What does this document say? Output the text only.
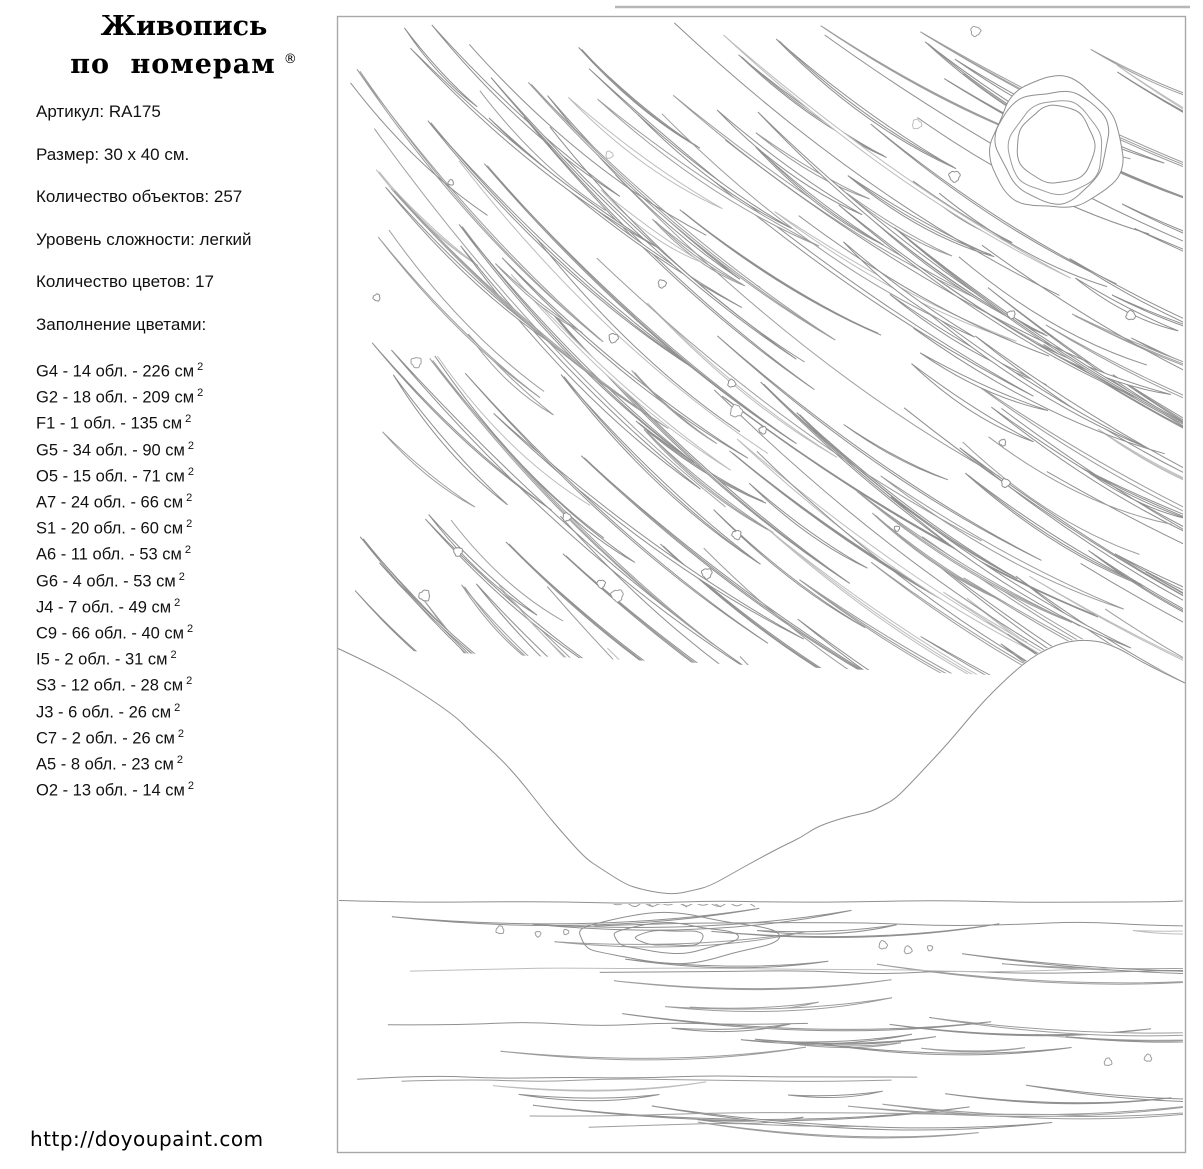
Живопись
по номерам ®
Артикул: RA175
Размер: 30 х 40 см.
Количество объектов: 257
Уровень сложности: легкий
Количество цветов: 17
Заполнение цветами:
G4 - 14 обл. - 226 см $^2$
G2 - 18 обл. - 209 см $^2$
F1 - 1 обл. - 135 см $^2$
G5 - 34 обл. - 90 см $^2$
O5 - 15 обл. - 71 см $^2$
A7 - 24 обл. - 66 см $^2$
S1 - 20 обл. - 60 см $^2$
A6 - 11 обл. - 53 см $^2$
G6 - 4 обл. - 53 см $^2$
J4 - 7 обл. - 49 см $^2$
C9 - 66 обл. - 40 см $^2$
I5 - 2 обл. - 31 см $^2$
S3 - 12 обл. - 28 см $^2$
J3 - 6 обл. - 26 см $^2$
C7 - 2 обл. - 26 см $^2$
A5 - 8 обл. - 23 см $^2$
O2 - 13 обл. - 14 см $^2$
http://doyoupaint.com
